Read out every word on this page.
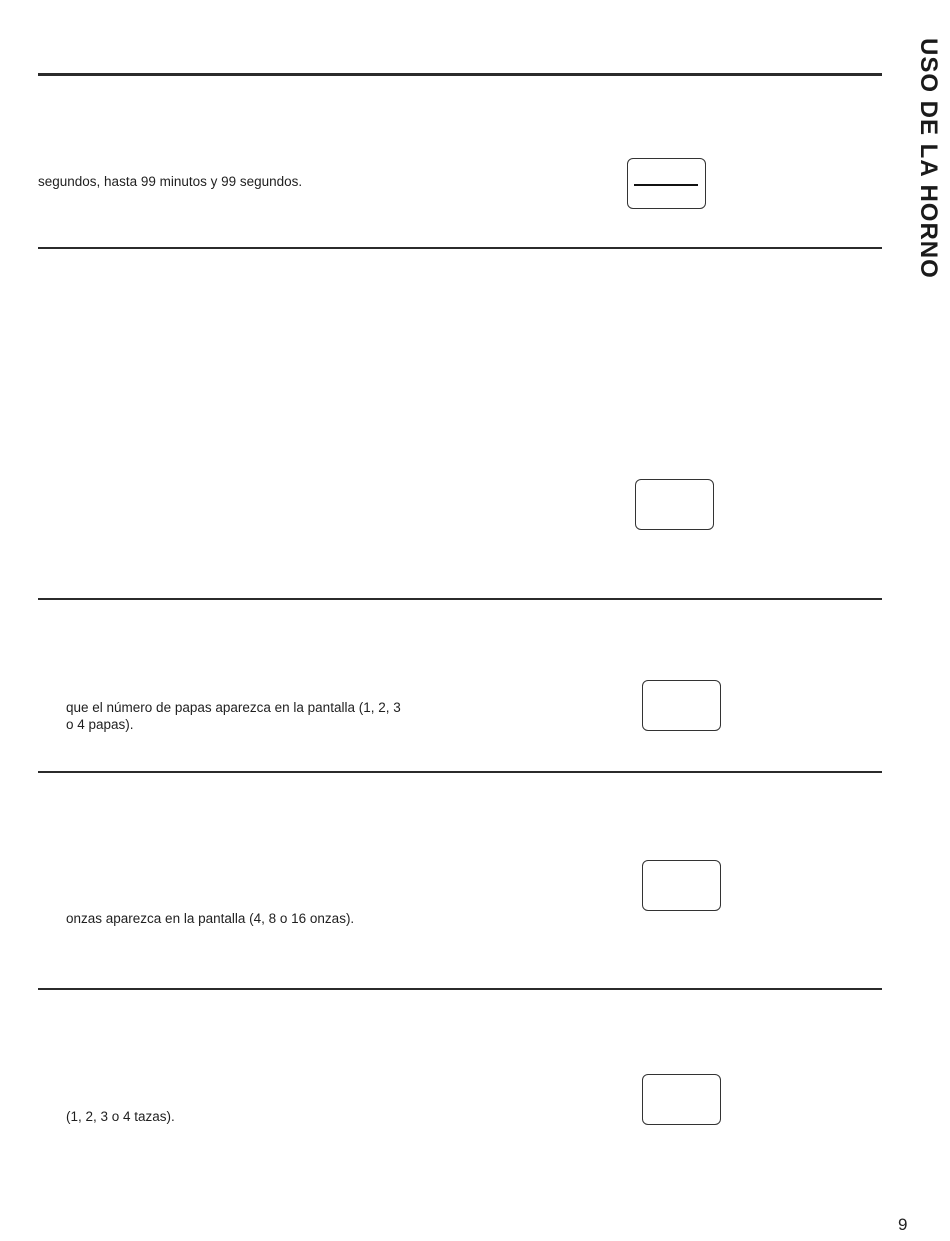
segundos, hasta 99 minutos y 99 segundos.
que el número de papas aparezca en la pantalla (1, 2, 3
o 4 papas).
onzas aparezca en la pantalla (4, 8 o 16 onzas).
(1, 2, 3 o 4 tazas).
USO DE LA HORNO
9
